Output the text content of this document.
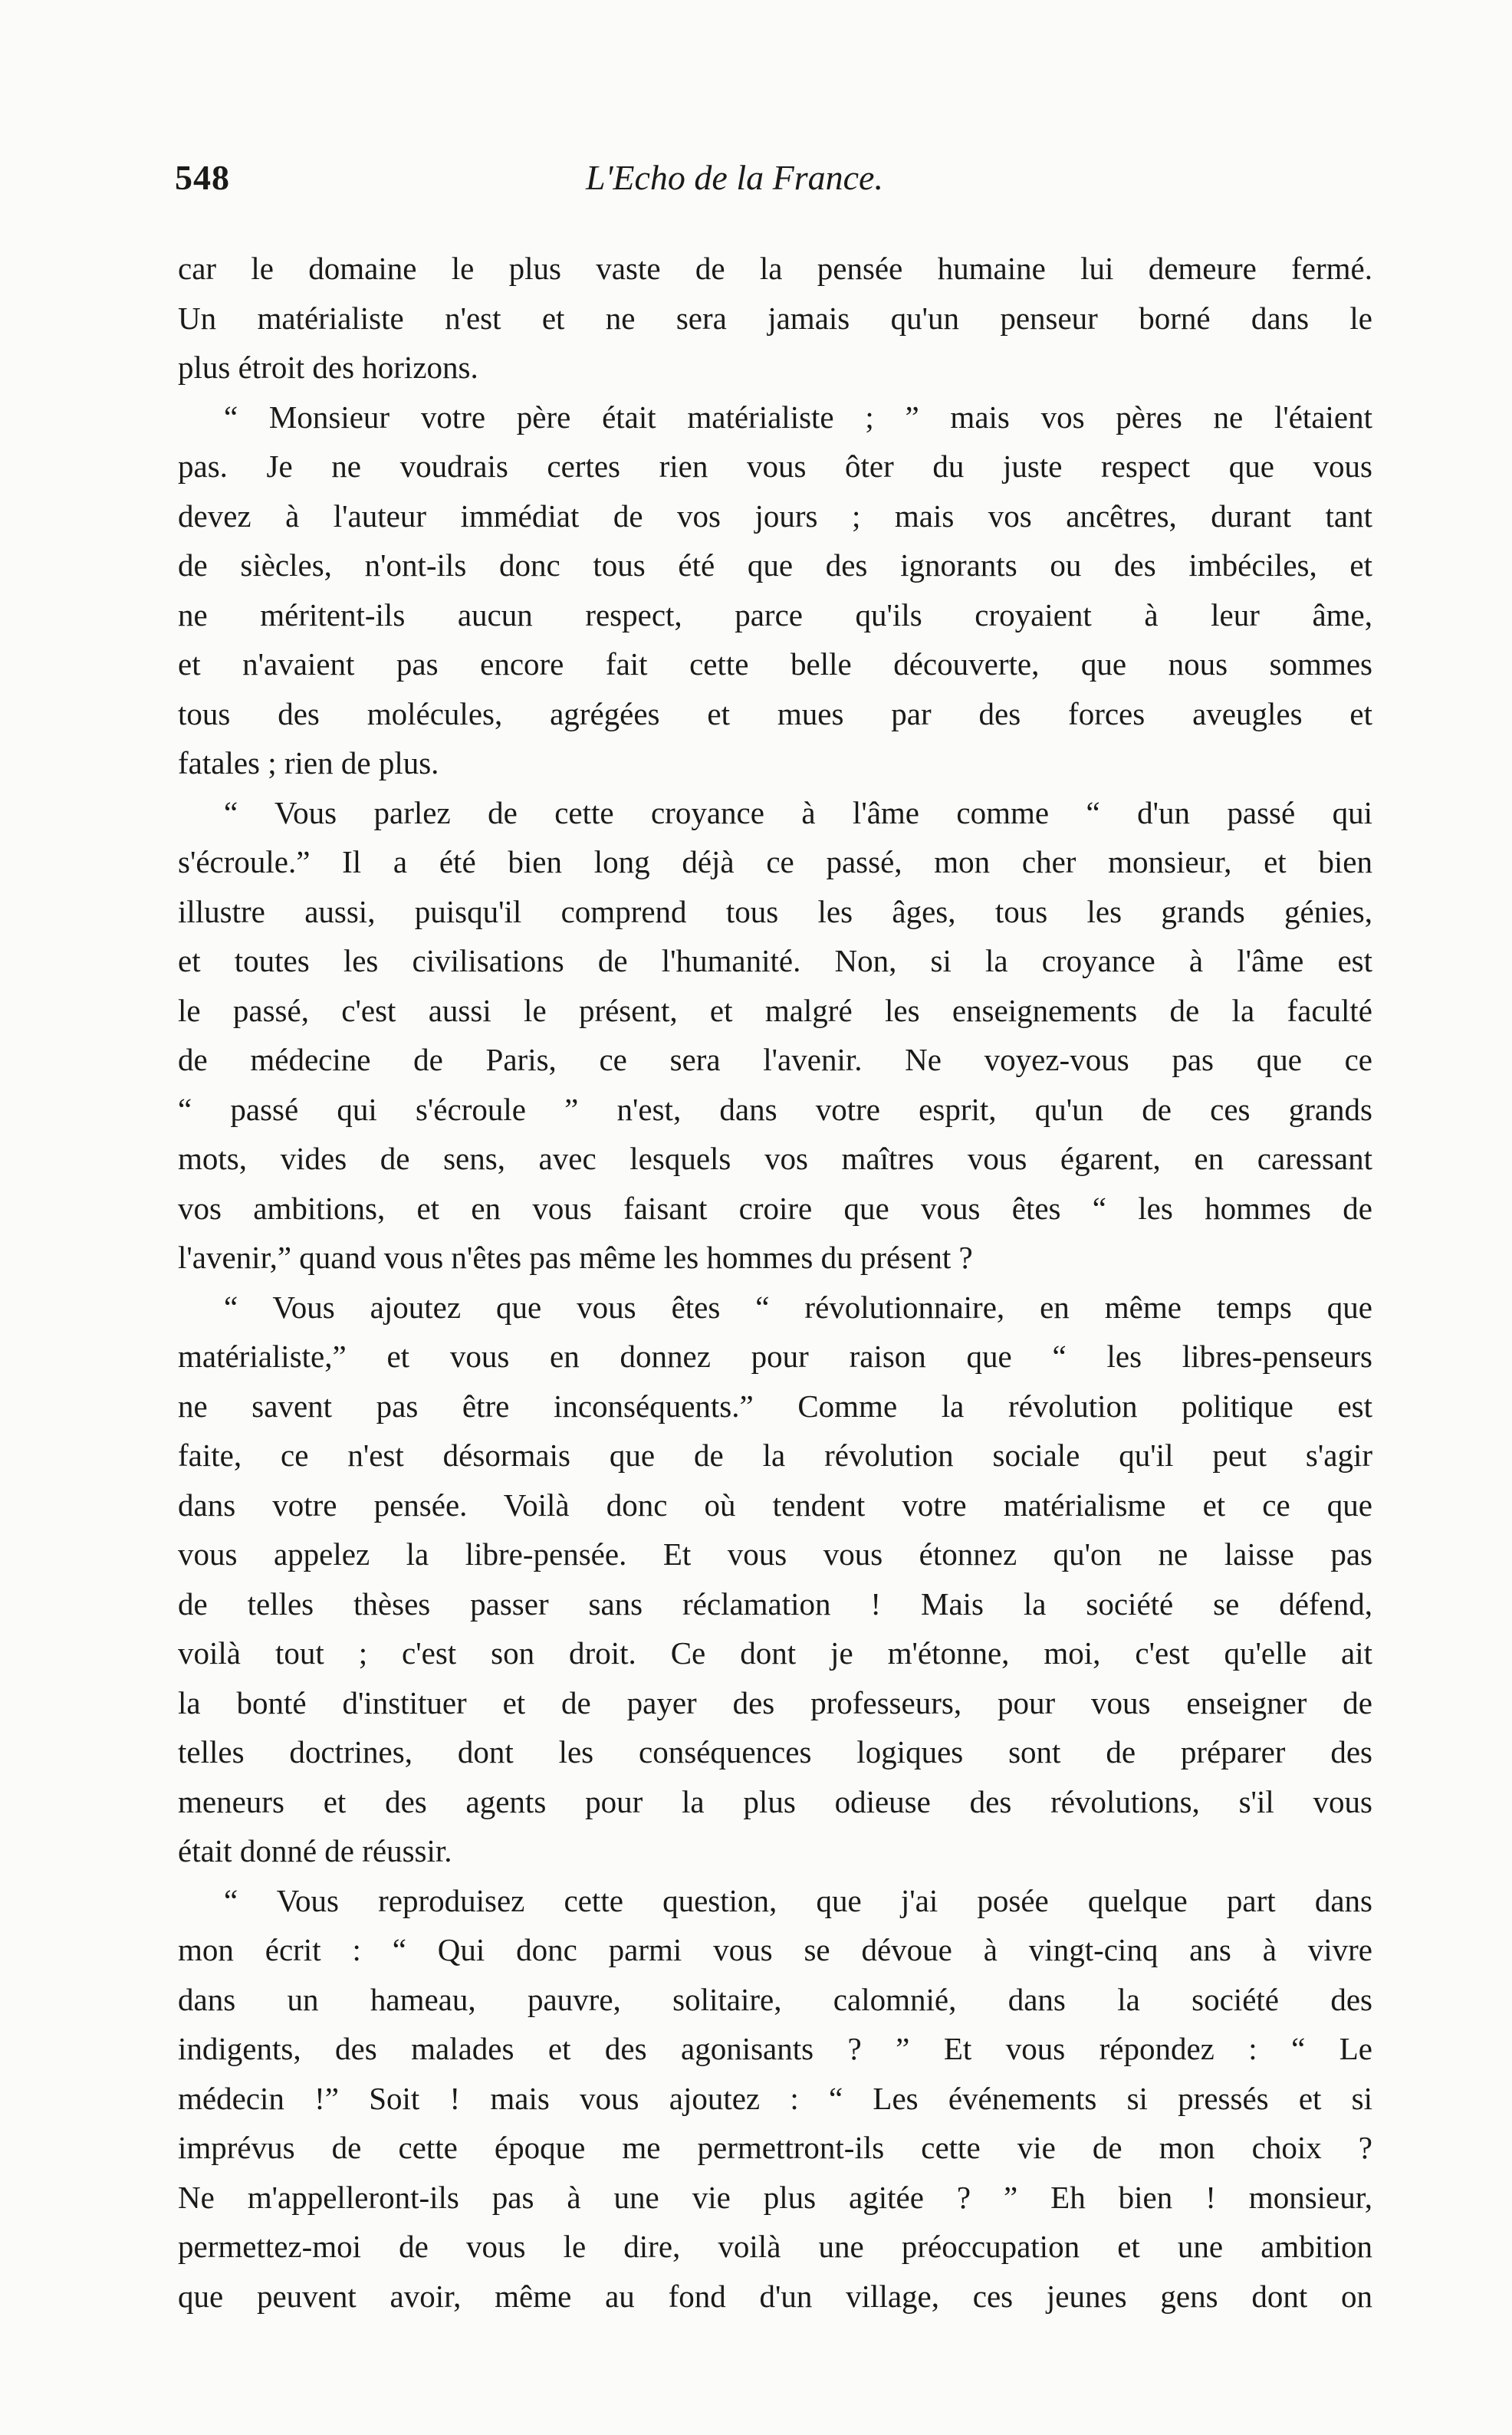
548	L'Echo de la France.
car le domaine le plus vaste de la pensée humaine lui demeure fermé.
Un matérialiste n'est et ne sera jamais qu'un penseur borné dans le
plus étroit des horizons.
“ Monsieur votre père était matérialiste ; ” mais vos pères ne l'étaient
pas. Je ne voudrais certes rien vous ôter du juste respect que vous
devez à l'auteur immédiat de vos jours ; mais vos ancêtres, durant tant
de siècles, n'ont-ils donc tous été que des ignorants ou des imbéciles, et
ne méritent-ils aucun respect, parce qu'ils croyaient à leur âme,
et n'avaient pas encore fait cette belle découverte, que nous sommes
tous des molécules, agrégées et mues par des forces aveugles et
fatales ; rien de plus.
“ Vous parlez de cette croyance à l'âme comme “ d'un passé qui
s'écroule.” Il a été bien long déjà ce passé, mon cher monsieur, et bien
illustre aussi, puisqu'il comprend tous les âges, tous les grands génies,
et toutes les civilisations de l'humanité. Non, si la croyance à l'âme est
le passé, c'est aussi le présent, et malgré les enseignements de la faculté
de médecine de Paris, ce sera l'avenir. Ne voyez-vous pas que ce
“ passé qui s'écroule ” n'est, dans votre esprit, qu'un de ces grands
mots, vides de sens, avec lesquels vos maîtres vous égarent, en caressant
vos ambitions, et en vous faisant croire que vous êtes “ les hommes de
l'avenir,” quand vous n'êtes pas même les hommes du présent ?
“ Vous ajoutez que vous êtes “ révolutionnaire, en même temps que
matérialiste,” et vous en donnez pour raison que “ les libres-penseurs
ne savent pas être inconséquents.” Comme la révolution politique est
faite, ce n'est désormais que de la révolution sociale qu'il peut s'agir
dans votre pensée. Voilà donc où tendent votre matérialisme et ce que
vous appelez la libre-pensée. Et vous vous étonnez qu'on ne laisse pas
de telles thèses passer sans réclamation ! Mais la société se défend,
voilà tout ; c'est son droit. Ce dont je m'étonne, moi, c'est qu'elle ait
la bonté d'instituer et de payer des professeurs, pour vous enseigner de
telles doctrines, dont les conséquences logiques sont de préparer des
meneurs et des agents pour la plus odieuse des révolutions, s'il vous
était donné de réussir.
“ Vous reproduisez cette question, que j'ai posée quelque part dans
mon écrit : “ Qui donc parmi vous se dévoue à vingt-cinq ans à vivre
dans un hameau, pauvre, solitaire, calomnié, dans la société des
indigents, des malades et des agonisants ? ” Et vous répondez : “ Le
médecin !” Soit ! mais vous ajoutez : “ Les événements si pressés et si
imprévus de cette époque me permettront-ils cette vie de mon choix ?
Ne m'appelleront-ils pas à une vie plus agitée ? ” Eh bien ! monsieur,
permettez-moi de vous le dire, voilà une préoccupation et une ambition
que peuvent avoir, même au fond d'un village, ces jeunes gens dont on
